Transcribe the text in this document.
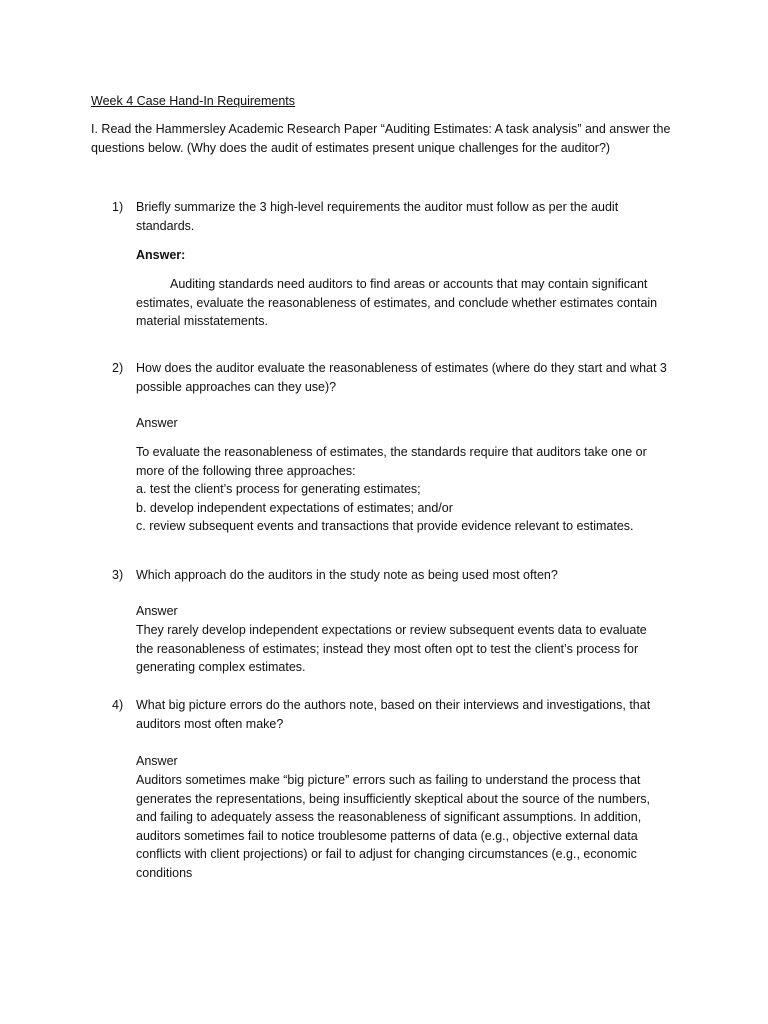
Week 4 Case Hand-In Requirements
I. Read the Hammersley Academic Research Paper “Auditing Estimates: A task analysis” and answer the
questions below. (Why does the audit of estimates present unique challenges for the auditor?)
1) Briefly summarize the 3 high-level requirements the auditor must follow as per the audit
standards.
Answer:
Auditing standards need auditors to find areas or accounts that may contain significant
estimates, evaluate the reasonableness of estimates, and conclude whether estimates contain
material misstatements.
2) How does the auditor evaluate the reasonableness of estimates (where do they start and what 3
possible approaches can they use)?
Answer
To evaluate the reasonableness of estimates, the standards require that auditors take one or
more of the following three approaches:
a. test the client’s process for generating estimates;
b. develop independent expectations of estimates; and/or
c. review subsequent events and transactions that provide evidence relevant to estimates.
3) Which approach do the auditors in the study note as being used most often?
Answer
They rarely develop independent expectations or review subsequent events data to evaluate
the reasonableness of estimates; instead they most often opt to test the client’s process for
generating complex estimates.
4) What big picture errors do the authors note, based on their interviews and investigations, that
auditors most often make?
Answer
Auditors sometimes make “big picture” errors such as failing to understand the process that
generates the representations, being insufficiently skeptical about the source of the numbers,
and failing to adequately assess the reasonableness of significant assumptions. In addition,
auditors sometimes fail to notice troublesome patterns of data (e.g., objective external data
conflicts with client projections) or fail to adjust for changing circumstances (e.g., economic
conditions
